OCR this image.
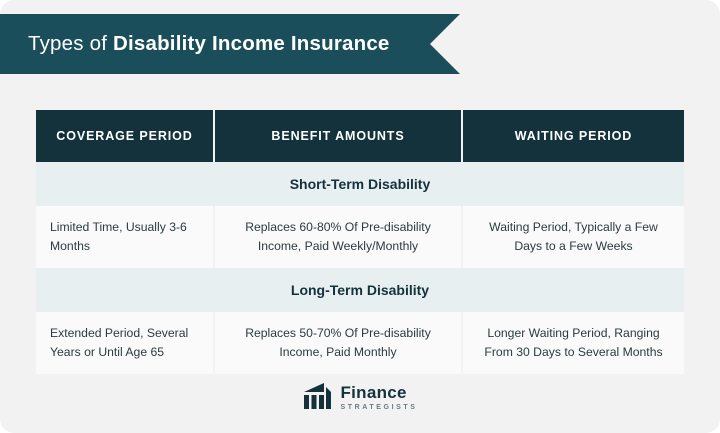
Types of Disability Income Insurance
COVERAGE PERIOD	BENEFIT AMOUNTS	WAITING PERIOD
Short-Term Disability		
Limited Time, Usually 3-6 Months	Replaces 60-80% Of Pre-disability Income, Paid Weekly/Monthly	Waiting Period, Typically a Few Days to a Few Weeks
Long-Term Disability		
Extended Period, Several Years or Until Age 65	Replaces 50-70% Of Pre-disability Income, Paid Monthly	Longer Waiting Period, Ranging From 30 Days to Several Months
Finance
STRATEGISTS
